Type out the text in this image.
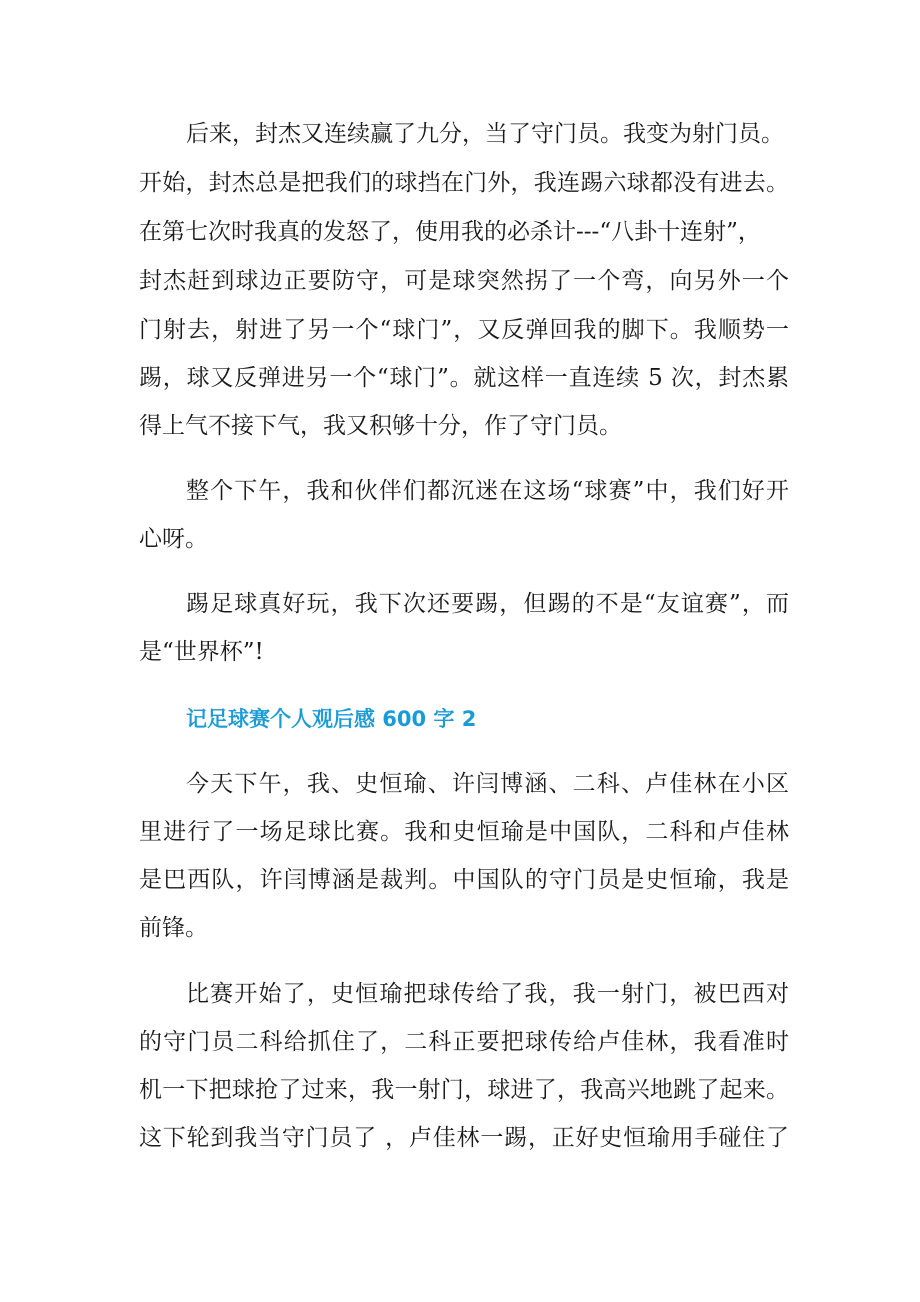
后来，封杰又连续赢了九分，当了守门员。我变为射门员。
开始，封杰总是把我们的球挡在门外，我连踢六球都没有进去。
在第七次时我真的发怒了，使用我的必杀计---“八卦十连射”，
封杰赶到球边正要防守，可是球突然拐了一个弯，向另外一个
门射去，射进了另一个“球门”，又反弹回我的脚下。我顺势一
踢，球又反弹进另一个“球门”。就这样一直连续 5 次，封杰累
得上气不接下气，我又积够十分，作了守门员。
整个下午，我和伙伴们都沉迷在这场“球赛”中，我们好开
心呀。
踢足球真好玩，我下次还要踢，但踢的不是“友谊赛”，而
是“世界杯”!
记足球赛个人观后感 600 字 2
今天下午，我、史恒瑜、许闫博涵、二科、卢佳林在小区
里进行了一场足球比赛。我和史恒瑜是中国队，二科和卢佳林
是巴西队，许闫博涵是裁判。中国队的守门员是史恒瑜，我是
前锋。
比赛开始了，史恒瑜把球传给了我，我一射门，被巴西对
的守门员二科给抓住了，二科正要把球传给卢佳林，我看准时
机一下把球抢了过来，我一射门，球进了，我高兴地跳了起来。
这下轮到我当守门员了 ，卢佳林一踢，正好史恒瑜用手碰住了
